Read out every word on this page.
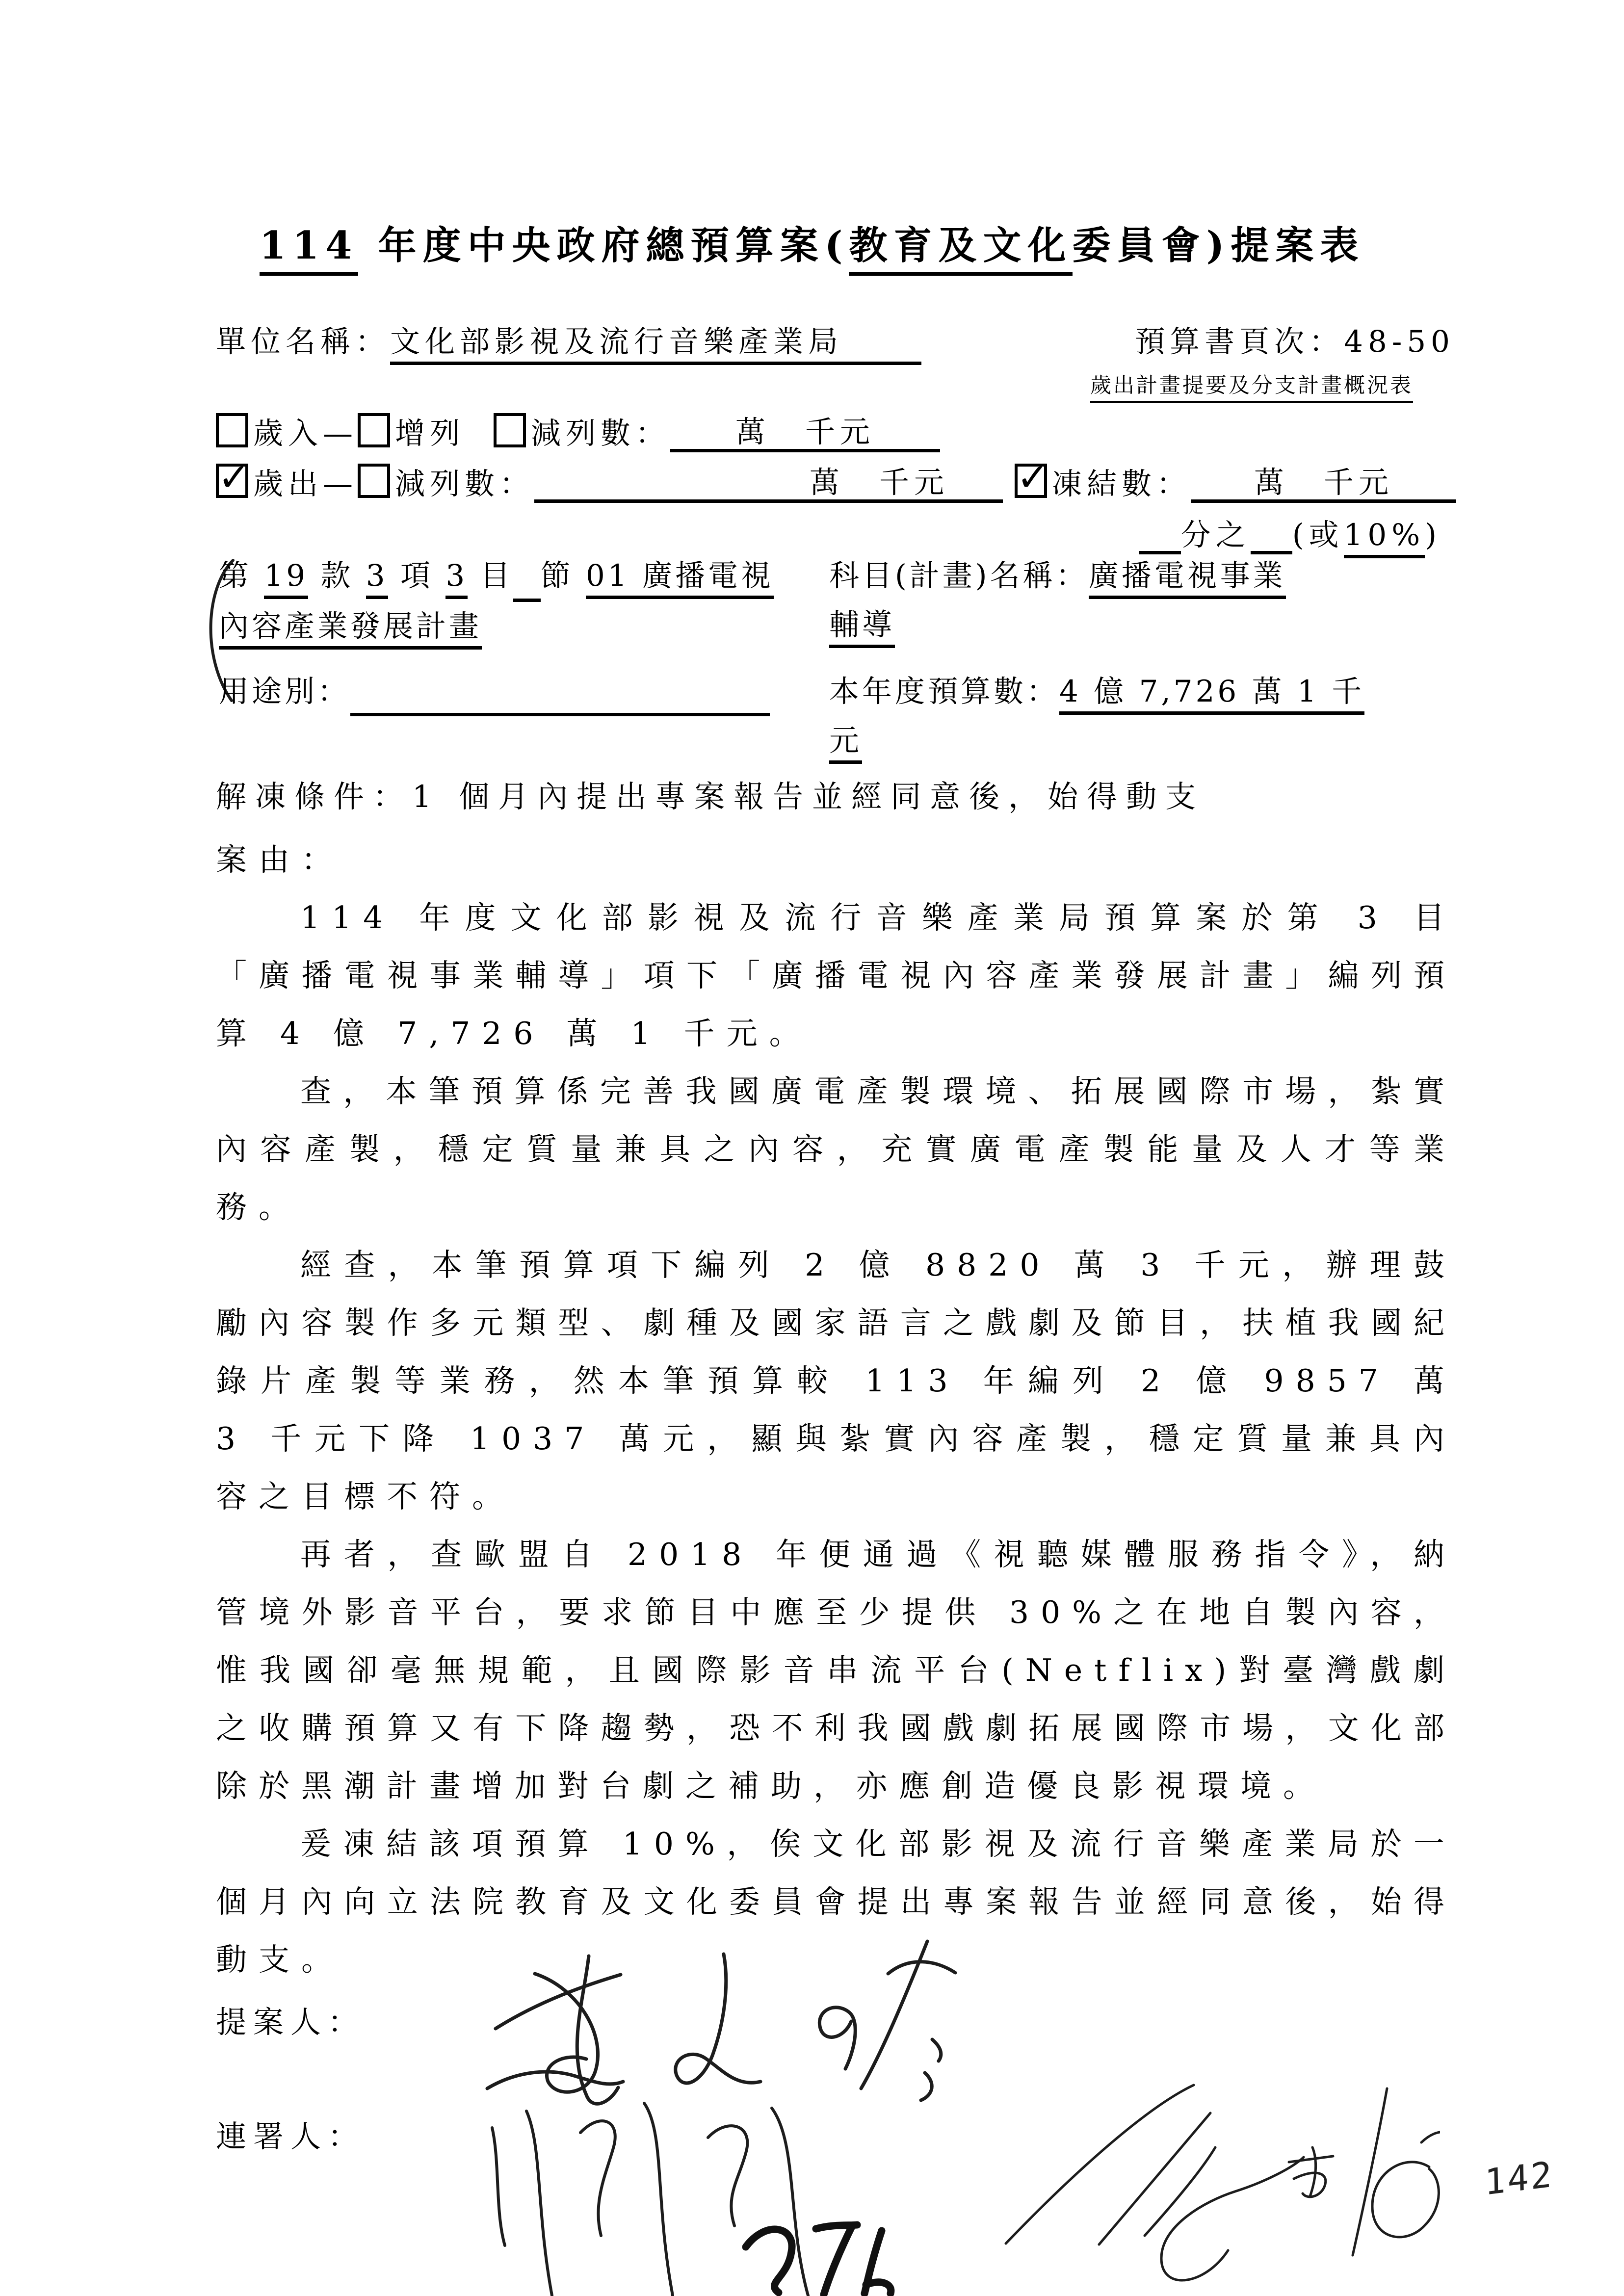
114 年度中央政府總預算案(教育及文化委員會)提案表
單位名稱：文化部影視及流行音樂產業局	預算書頁次：48-50
歲出計畫提要及分支計畫概況表
歲入— 增列 減列數： 萬　千元
✓ 歲出— 減列數：	萬　千元	✓ 凍結數： 萬　千元
分之 (或10%)
第 19 款 3 項 3 目 節 01 廣播電視
內容產業發展計畫
科目(計畫)名稱：廣播電視事業
輔導
用途別：	本年度預算數：4 億 7,726 萬 1 千
元
解凍條件：1 個月內提出專案報告並經同意後，始得動支
案由：

114 年度文化部影視及流行音樂產業局預算案於第 3 目「廣播電視事業輔導」項下「廣播電視內容產業發展計畫」編列預算 4 億 7,726 萬 1 千元。

查，本筆預算係完善我國廣電產製環境、拓展國際市場，紮實內容產製，穩定質量兼具之內容，充實廣電產製能量及人才等業務。

經查，本筆預算項下編列 2 億 8820 萬 3 千元，辦理鼓勵內容製作多元類型、劇種及國家語言之戲劇及節目，扶植我國紀錄片產製等業務，然本筆預算較 113 年編列 2 億 9857 萬 3 千元下降 1037 萬元，顯與紮實內容產製，穩定質量兼具內容之目標不符。

再者，查歐盟自 2018 年便通過《視聽媒體服務指令》，納管境外影音平台，要求節目中應至少提供 30%之在地自製內容，惟我國卻毫無規範，且國際影音串流平台(Netflix)對臺灣戲劇之收購預算又有下降趨勢，恐不利我國戲劇拓展國際市場，文化部除於黑潮計畫增加對台劇之補助，亦應創造優良影視環境。

爰凍結該項預算 10%，俟文化部影視及流行音樂產業局於一個月內向立法院教育及文化委員會提出專案報告並經同意後，始得動支。

提案人：
連署人：
142
